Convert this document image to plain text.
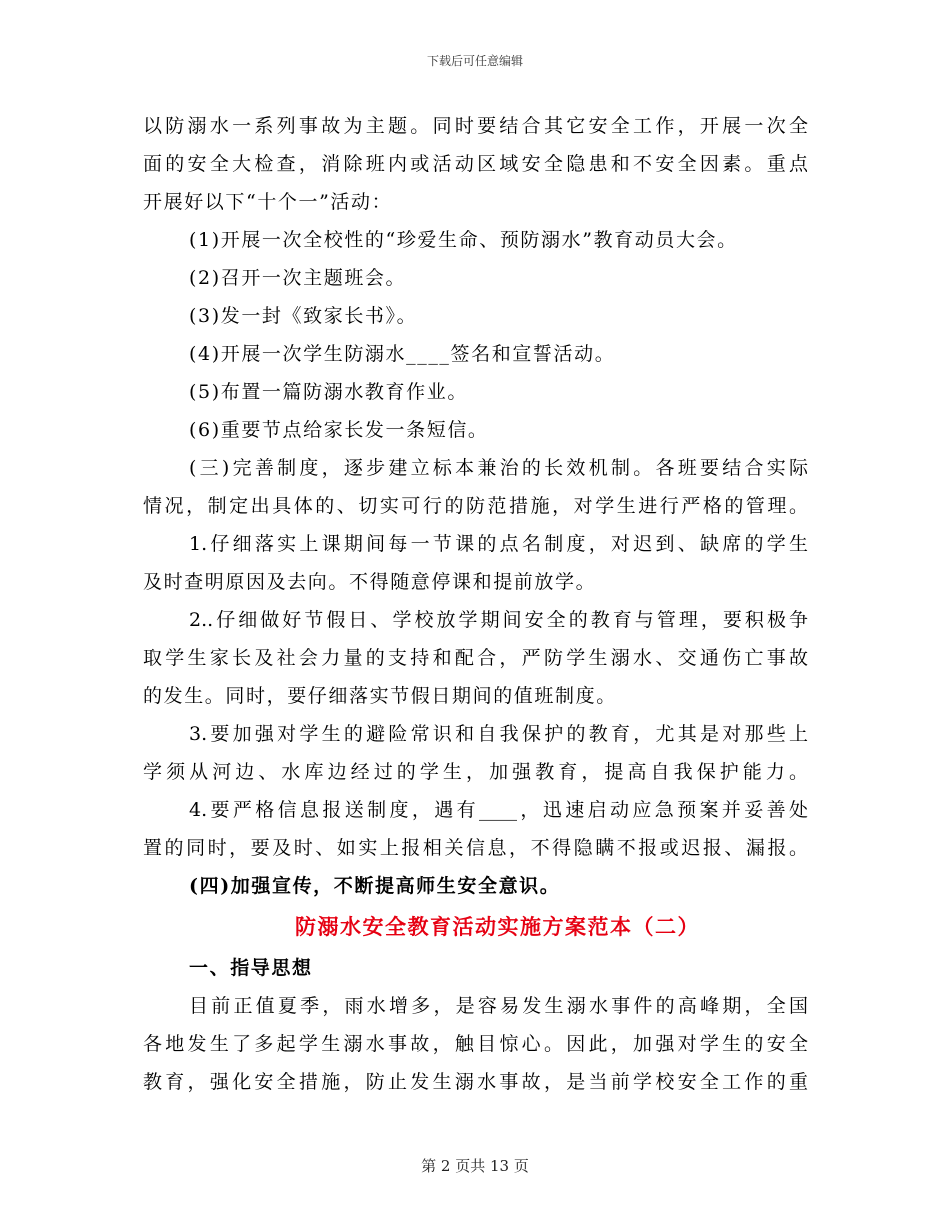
下载后可任意编辑
以防溺水一系列事故为主题。同时要结合其它安全工作，开展一次全
面的安全大检查，消除班内或活动区域安全隐患和不安全因素。重点
开展好以下“十个一”活动：
(1)开展一次全校性的“珍爱生命、预防溺水”教育动员大会。
(2)召开一次主题班会。
(3)发一封《致家长书》。
(4)开展一次学生防溺水____签名和宣誓活动。
(5)布置一篇防溺水教育作业。
(6)重要节点给家长发一条短信。
(三)完善制度，逐步建立标本兼治的长效机制。各班要结合实际
情况，制定出具体的、切实可行的防范措施，对学生进行严格的管理。
1.仔细落实上课期间每一节课的点名制度，对迟到、缺席的学生
及时查明原因及去向。不得随意停课和提前放学。
2..仔细做好节假日、学校放学期间安全的教育与管理，要积极争
取学生家长及社会力量的支持和配合，严防学生溺水、交通伤亡事故
的发生。同时，要仔细落实节假日期间的值班制度。
3.要加强对学生的避险常识和自我保护的教育，尤其是对那些上
学须从河边、水库边经过的学生，加强教育，提高自我保护能力。
4.要严格信息报送制度，遇有____，迅速启动应急预案并妥善处
置的同时，要及时、如实上报相关信息，不得隐瞒不报或迟报、漏报。
(四)加强宣传，不断提高师生安全意识。
防溺水安全教育活动实施方案范本（二）
一、指导思想
目前正值夏季，雨水增多，是容易发生溺水事件的高峰期，全国
各地发生了多起学生溺水事故，触目惊心。因此，加强对学生的安全
教育，强化安全措施，防止发生溺水事故，是当前学校安全工作的重
第 2 页共 13 页
